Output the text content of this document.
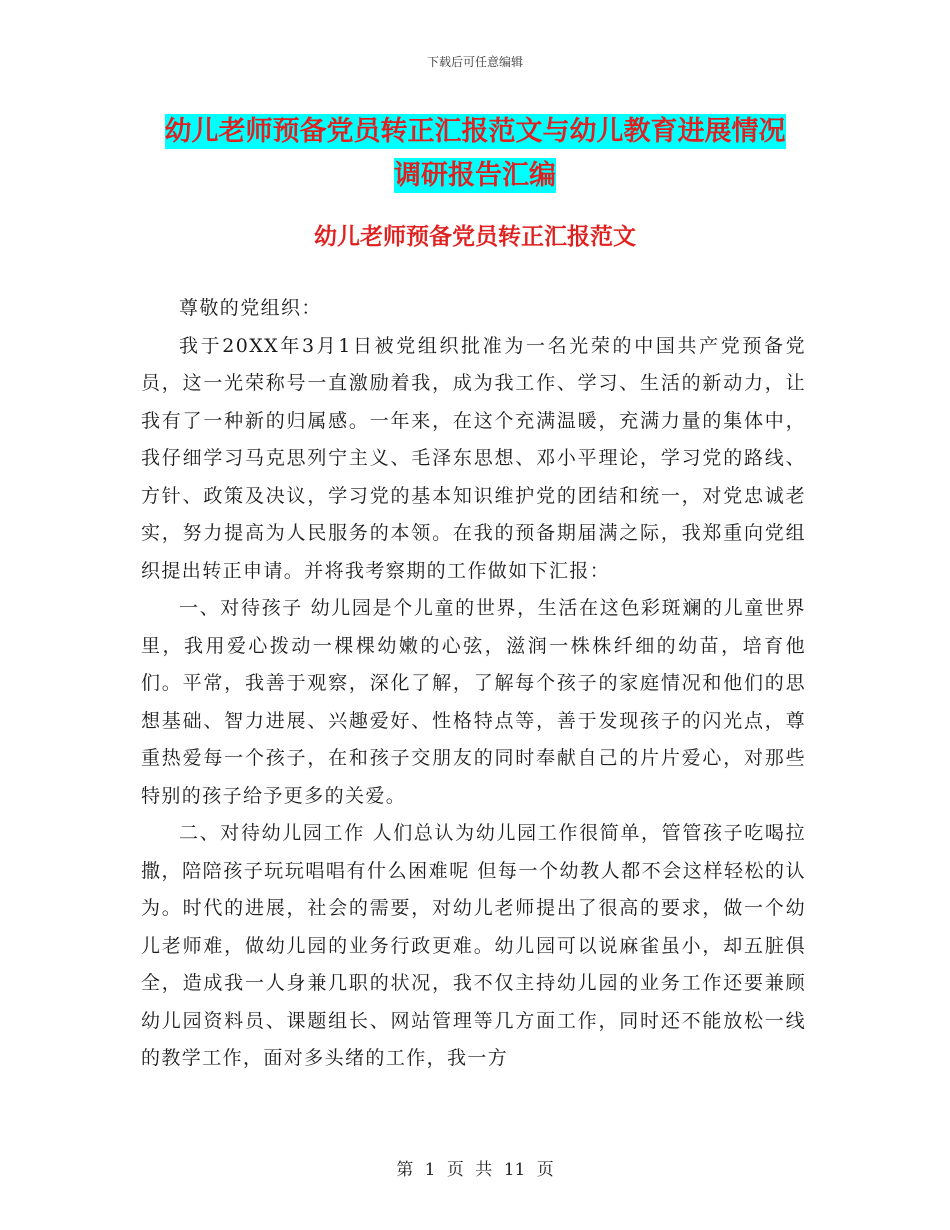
下载后可任意编辑
幼儿老师预备党员转正汇报范文与幼儿教育进展情况
调研报告汇编
幼儿老师预备党员转正汇报范文

尊敬的党组织：

我于20XX年3月1日被党组织批准为一名光荣的中国共产党预备党员，这一光荣称号一直激励着我，成为我工作、学习、生活的新动力，让我有了一种新的归属感。一年来，在这个充满温暖，充满力量的集体中，我仔细学习马克思列宁主义、毛泽东思想、邓小平理论，学习党的路线、方针、政策及决议，学习党的基本知识维护党的团结和统一，对党忠诚老实，努力提高为人民服务的本领。在我的预备期届满之际，我郑重向党组织提出转正申请。并将我考察期的工作做如下汇报：

一、对待孩子 幼儿园是个儿童的世界，生活在这色彩斑斓的儿童世界里，我用爱心拨动一棵棵幼嫩的心弦，滋润一株株纤细的幼苗，培育他们。平常，我善于观察，深化了解，了解每个孩子的家庭情况和他们的思想基础、智力进展、兴趣爱好、性格特点等，善于发现孩子的闪光点，尊重热爱每一个孩子，在和孩子交朋友的同时奉献自己的片片爱心，对那些特别的孩子给予更多的关爱。

二、对待幼儿园工作 人们总认为幼儿园工作很简单，管管孩子吃喝拉撒，陪陪孩子玩玩唱唱有什么困难呢 但每一个幼教人都不会这样轻松的认为。时代的进展，社会的需要，对幼儿老师提出了很高的要求，做一个幼儿老师难，做幼儿园的业务行政更难。幼儿园可以说麻雀虽小，却五脏俱全，造成我一人身兼几职的状况，我不仅主持幼儿园的业务工作还要兼顾幼儿园资料员、课题组长、网站管理等几方面工作，同时还不能放松一线的教学工作，面对多头绪的工作，我一方

第 1 页 共 11 页
